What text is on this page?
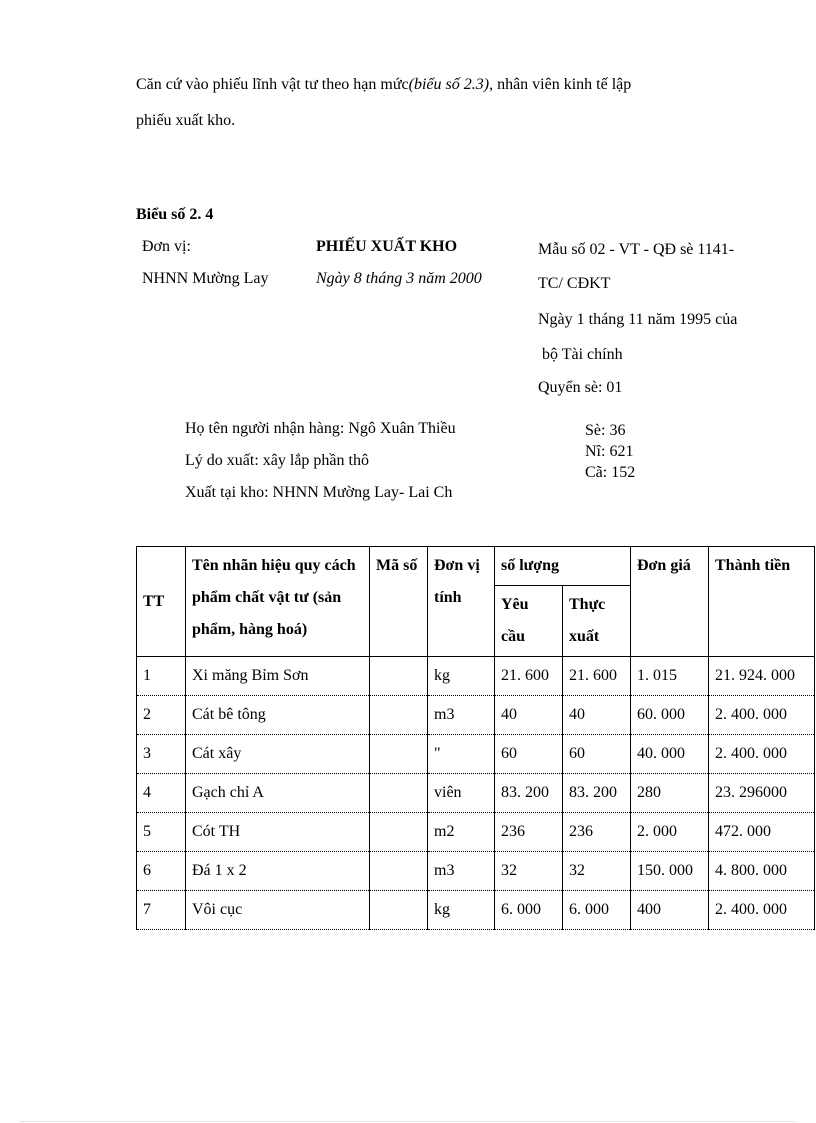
Căn cứ vào phiếu lĩnh vật tư theo hạn mức(biểu số 2.3), nhân viên kinh tế lập
phiếu xuất kho.
Biểu số 2. 4
Đơn vị:
NHNN Mường Lay
PHIẾU XUẤT KHO
Ngày 8 tháng 3 năm 2000
Mẫu số 02 - VT - QĐ sè 1141-
TC/ CĐKT
Ngày 1 tháng 11 năm 1995 của
bộ Tài chính
Quyển sè: 01
Họ tên người nhận hàng: Ngô Xuân Thiều
Lý do xuất: xây lắp phần thô
Xuất tại kho: NHNN Mường Lay- Lai Ch
Sè: 36
Nî: 621
Cã: 152
TT	Tên nhãn hiệu quy cách phẩm chất vật tư (sản phẩm, hàng hoá)	Mã số	Đơn vị tính	số lượng		Đơn giá	Thành tiền
				Yêu cầu	Thực xuất		
1	Xi măng Bỉm Sơn		kg	21. 600	21. 600	1. 015	21. 924. 000
2	Cát bê tông		m3	40	40	60. 000	2. 400. 000
3	Cát xây		"	60	60	40. 000	2. 400. 000
4	Gạch chỉ A		viên	83. 200	83. 200	280	23. 296000
5	Cót TH		m2	236	236	2. 000	472. 000
6	Đá 1 x 2		m3	32	32	150. 000	4. 800. 000
7	Vôi cục		kg	6. 000	6. 000	400	2. 400. 000
